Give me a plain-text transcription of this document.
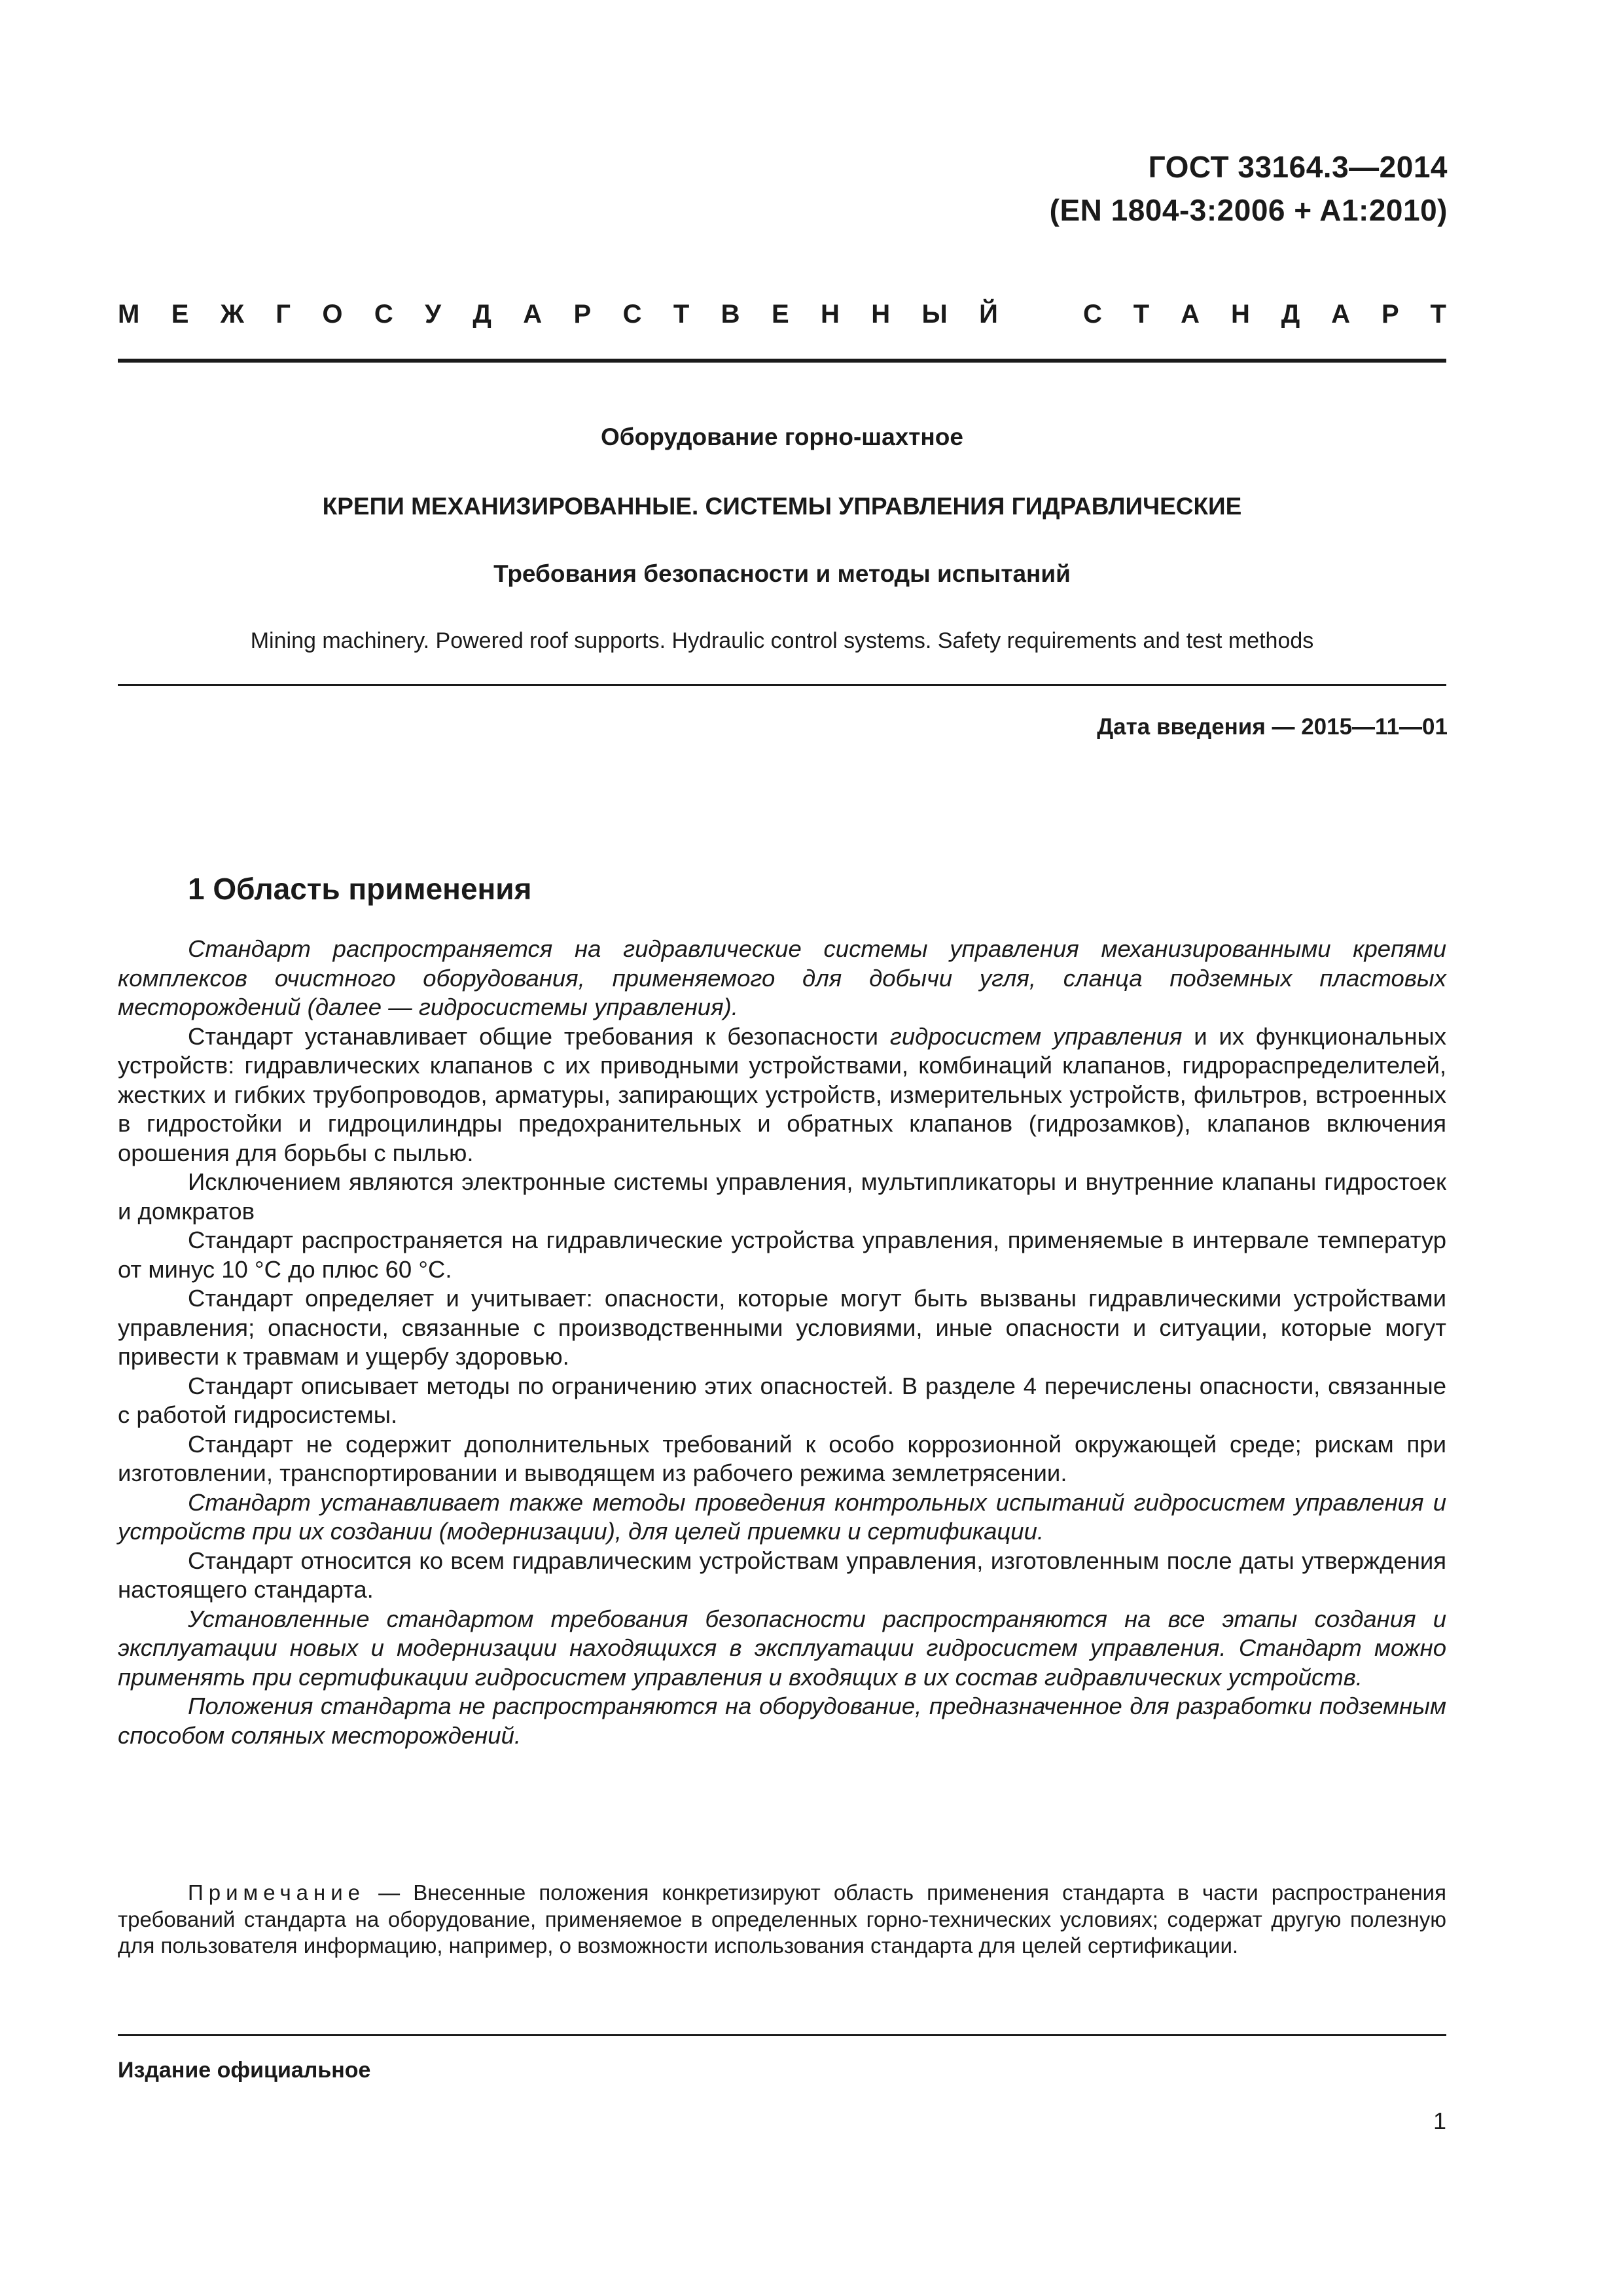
ГОСТ 33164.3—2014
(EN 1804-3:2006 + A1:2010)
М Е Ж Г О С У Д А Р С Т В Е Н Н Ы Й	С Т А Н Д А Р Т
Оборудование горно-шахтное
КРЕПИ МЕХАНИЗИРОВАННЫЕ. СИСТЕМЫ УПРАВЛЕНИЯ ГИДРАВЛИЧЕСКИЕ
Требования безопасности и методы испытаний
Mining machinery. Powered roof supports. Hydraulic control systems. Safety requirements and test methods
Дата введения — 2015—11—01
1 Область применения

Стандарт распространяется на гидравлические системы управления механизированными крепями комплексов очистного оборудования, применяемого для добычи угля, сланца подземных пластовых месторождений (далее — гидросистемы управления).

Стандарт устанавливает общие требования к безопасности гидросистем управления и их функциональных устройств: гидравлических клапанов с их приводными устройствами, комбинаций клапанов, гидрораспределителей, жестких и гибких трубопроводов, арматуры, запирающих устройств, измерительных устройств, фильтров, встроенных в гидростойки и гидроцилиндры предохранительных и обратных клапанов (гидрозамков), клапанов включения орошения для борьбы с пылью.

Исключением являются электронные системы управления, мультипликаторы и внутренние клапаны гидростоек и домкратов

Стандарт распространяется на гидравлические устройства управления, применяемые в интервале температур от минус 10 °С до плюс 60 °С.

Стандарт определяет и учитывает: опасности, которые могут быть вызваны гидравлическими устройствами управления; опасности, связанные с производственными условиями, иные опасности и ситуации, которые могут привести к травмам и ущербу здоровью.

Стандарт описывает методы по ограничению этих опасностей. В разделе 4 перечислены опасности, связанные с работой гидросистемы.

Стандарт не содержит дополнительных требований к особо коррозионной окружающей среде; рискам при изготовлении, транспортировании и выводящем из рабочего режима землетрясении.

Стандарт устанавливает также методы проведения контрольных испытаний гидросистем управления и устройств при их создании (модернизации), для целей приемки и сертификации.

Стандарт относится ко всем гидравлическим устройствам управления, изготовленным после даты утверждения настоящего стандарта.

Установленные стандартом требования безопасности распространяются на все этапы создания и эксплуатации новых и модернизации находящихся в эксплуатации гидросистем управления. Стандарт можно применять при сертификации гидросистем управления и входящих в их состав гидравлических устройств.

Положения стандарта не распространяются на оборудование, предназначенное для разработки подземным способом соляных месторождений.

Примечание — Внесенные положения конкретизируют область применения стандарта в части распространения требований стандарта на оборудование, применяемое в определенных горно-технических условиях; содержат другую полезную для пользователя информацию, например, о возможности использования стандарта для целей сертификации.

Издание официальное
1
